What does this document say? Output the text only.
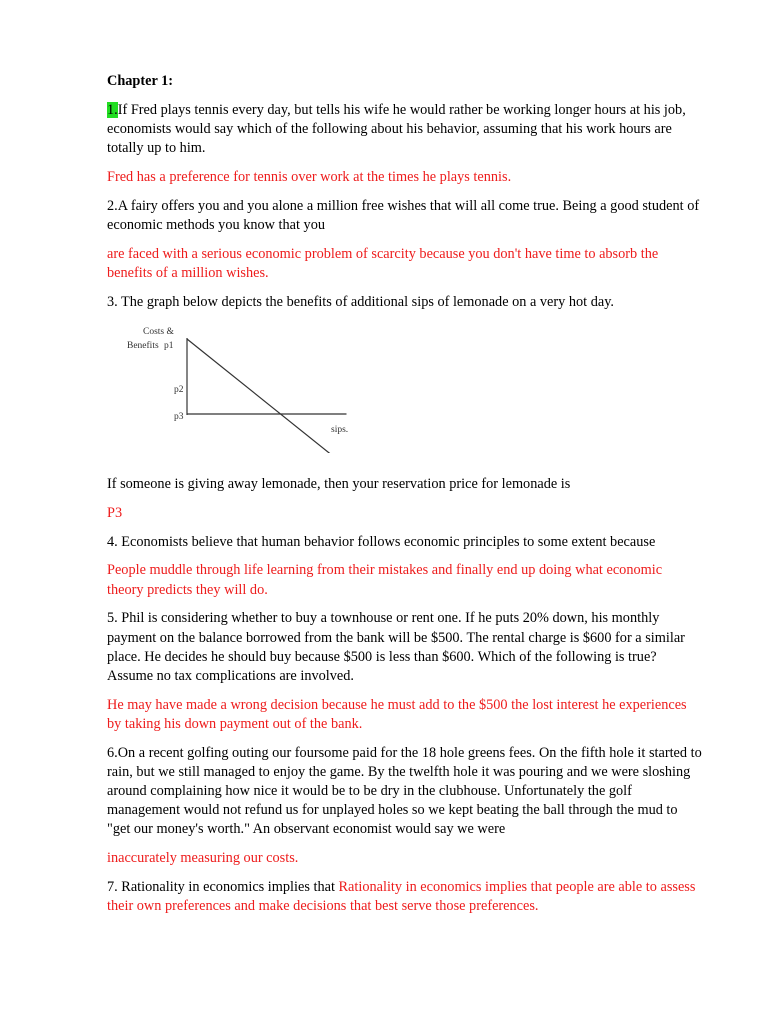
Chapter 1:

1.If Fred plays tennis every day, but tells his wife he would rather be working longer hours at his job, economists would say which of the following about his behavior, assuming that his work hours are totally up to him.

Fred has a preference for tennis over work at the times he plays tennis.

2.A fairy offers you and you alone a million free wishes that will all come true. Being a good student of economic methods you know that you

are faced with a serious economic problem of scarcity because you don't have time to absorb the benefits of a million wishes.

3. The graph below depicts the benefits of additional sips of lemonade on a very hot day.

Costs &
Benefits p1
p2
p3
sips.

If someone is giving away lemonade, then your reservation price for lemonade is

P3

4. Economists believe that human behavior follows economic principles to some extent because

People muddle through life learning from their mistakes and finally end up doing what economic theory predicts they will do.

5. Phil is considering whether to buy a townhouse or rent one. If he puts 20% down, his monthly payment on the balance borrowed from the bank will be $500. The rental charge is $600 for a similar place. He decides he should buy because $500 is less than $600. Which of the following is true? Assume no tax complications are involved.

He may have made a wrong decision because he must add to the $500 the lost interest he experiences by taking his down payment out of the bank.

6.On a recent golfing outing our foursome paid for the 18 hole greens fees. On the fifth hole it started to rain, but we still managed to enjoy the game. By the twelfth hole it was pouring and we were sloshing around complaining how nice it would be to be dry in the clubhouse. Unfortunately the golf management would not refund us for unplayed holes so we kept beating the ball through the mud to "get our money's worth." An observant economist would say we were

inaccurately measuring our costs.

7. Rationality in economics implies that Rationality in economics implies that people are able to assess their own preferences and make decisions that best serve those preferences.
